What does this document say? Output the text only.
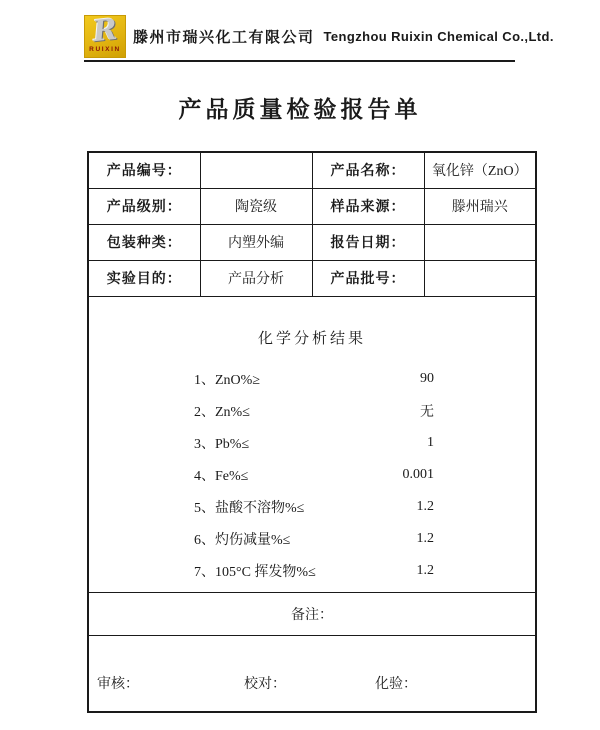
R
RUIXIN
滕州市瑞兴化工有限公司 Tengzhou Ruixin Chemical Co.,Ltd.
产品质量检验报告单
产品编号：		产品名称：	氧化锌（ZnO）
产品级别：	陶瓷级	样品来源：	滕州瑞兴
包装种类：	内塑外编	报告日期：	
实验目的：	产品分析	产品批号：	

化学分析结果
1、ZnO%≥	90
2、Zn%≤	无
3、Pb%≤	1
4、Fe%≤	0.001
5、盐酸不溶物%≤	1.2
6、灼伤减量%≤	1.2
7、105°C 挥发物%≤	1.2

备注：			

审核： 校对： 化验：			
